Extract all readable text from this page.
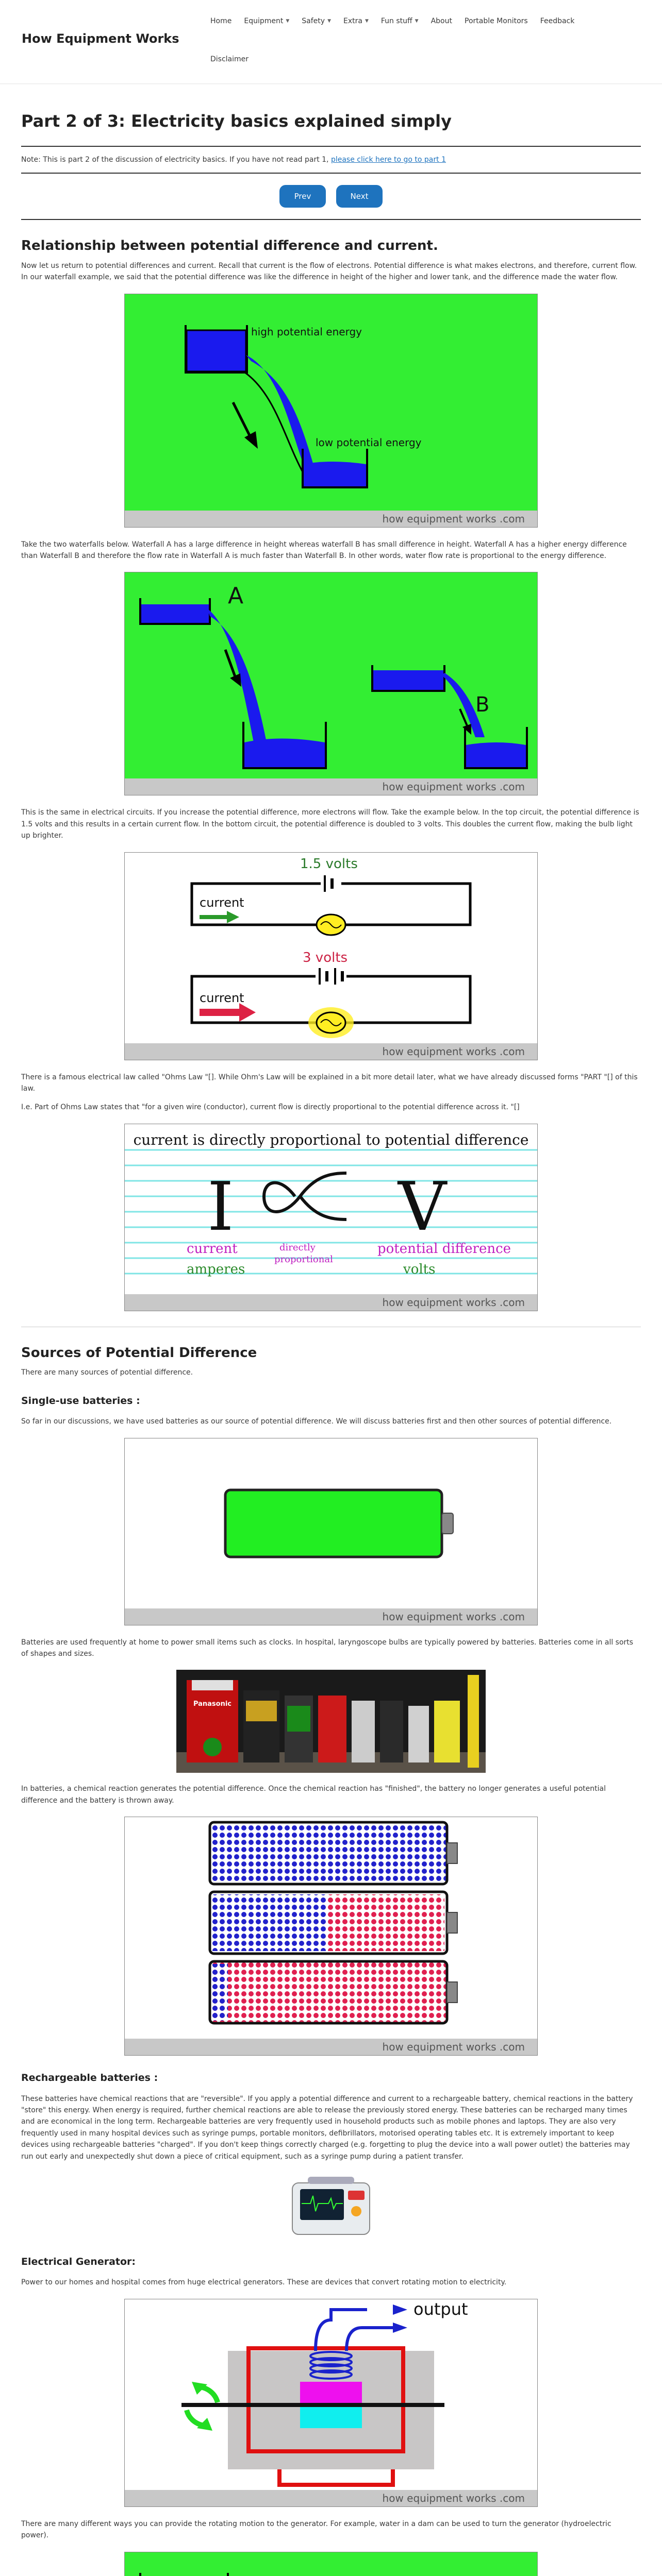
How Equipment Works
Home Equipment ▼ Safety ▼ Extra ▼ Fun stuff ▼ About Portable Monitors Feedback
Disclaimer
Part 2 of 3: Electricity basics explained simply

Note: This is part 2 of the discussion of electricity basics. If you have not read part 1, please click here to go to part 1

Prev	Next
Relationship between potential difference and current.

Now let us return to potential differences and current. Recall that current is the flow of electrons. Potential difference is what makes electrons, and therefore, current flow. In our waterfall example, we said that the potential difference was like the difference in height of the higher and lower tank, and the difference made the water flow.

high potential energy
low potential energy
how equipment works .com

Take the two waterfalls below. Waterfall A has a large difference in height whereas waterfall B has small difference in height. Waterfall A has a higher energy difference than Waterfall B and therefore the flow rate in Waterfall A is much faster than Waterfall B. In other words, water flow rate is proportional to the energy difference.

A
B
how equipment works .com

This is the same in electrical circuits. If you increase the potential difference, more electrons will flow. Take the example below. In the top circuit, the potential difference is 1.5 volts and this results in a certain current flow. In the bottom circuit, the potential difference is doubled to 3 volts. This doubles the current flow, making the bulb light up brighter.

1.5 volts
current
3 volts
current
how equipment works .com

There is a famous electrical law called "Ohms Law "[]. While Ohm's Law will be explained in a bit more detail later, what we have already discussed forms "PART "[] of this law.

I.e. Part of Ohms Law states that "for a given wire (conductor), current flow is directly proportional to the potential difference across it. "[]

current is directly proportional to potential difference
I V
current	directly
proportional
potential difference
amperes	volts
how equipment works .com
Sources of Potential Difference

There are many sources of potential difference.

Single-use batteries :

So far in our discussions, we have used batteries as our source of potential difference. We will discuss batteries first and then other sources of potential difference.

how equipment works .com

Batteries are used frequently at home to power small items such as clocks. In hospital, laryngoscope bulbs are typically powered by batteries. Batteries come in all sorts of shapes and sizes.

Panasonic

In batteries, a chemical reaction generates the potential difference. Once the chemical reaction has "finished", the battery no longer generates a useful potential difference and the battery is thrown away.

how equipment works .com
Rechargeable batteries :

These batteries have chemical reactions that are "reversible". If you apply a potential difference and current to a rechargeable battery, chemical reactions in the battery "store" this energy. When energy is required, further chemical reactions are able to release the previously stored energy. These batteries can be recharged many times and are economical in the long term. Rechargeable batteries are very frequently used in household products such as mobile phones and laptops. They are also very frequently used in many hospital devices such as syringe pumps, portable monitors, defibrillators, motorised operating tables etc. It is extremely important to keep devices using rechargeable batteries "charged". If you don't keep things correctly charged (e.g. forgetting to plug the device into a wall power outlet) the batteries may run out early and unexpectedly shut down a piece of critical equipment, such as a syringe pump during a patient transfer.

Electrical Generator:

Power to our homes and hospital comes from huge electrical generators. These are devices that convert rotating motion to electricity.

output
how equipment works .com

There are many different ways you can provide the rotating motion to the generator. For example, water in a dam can be used to turn the generator (hydroelectric power).
